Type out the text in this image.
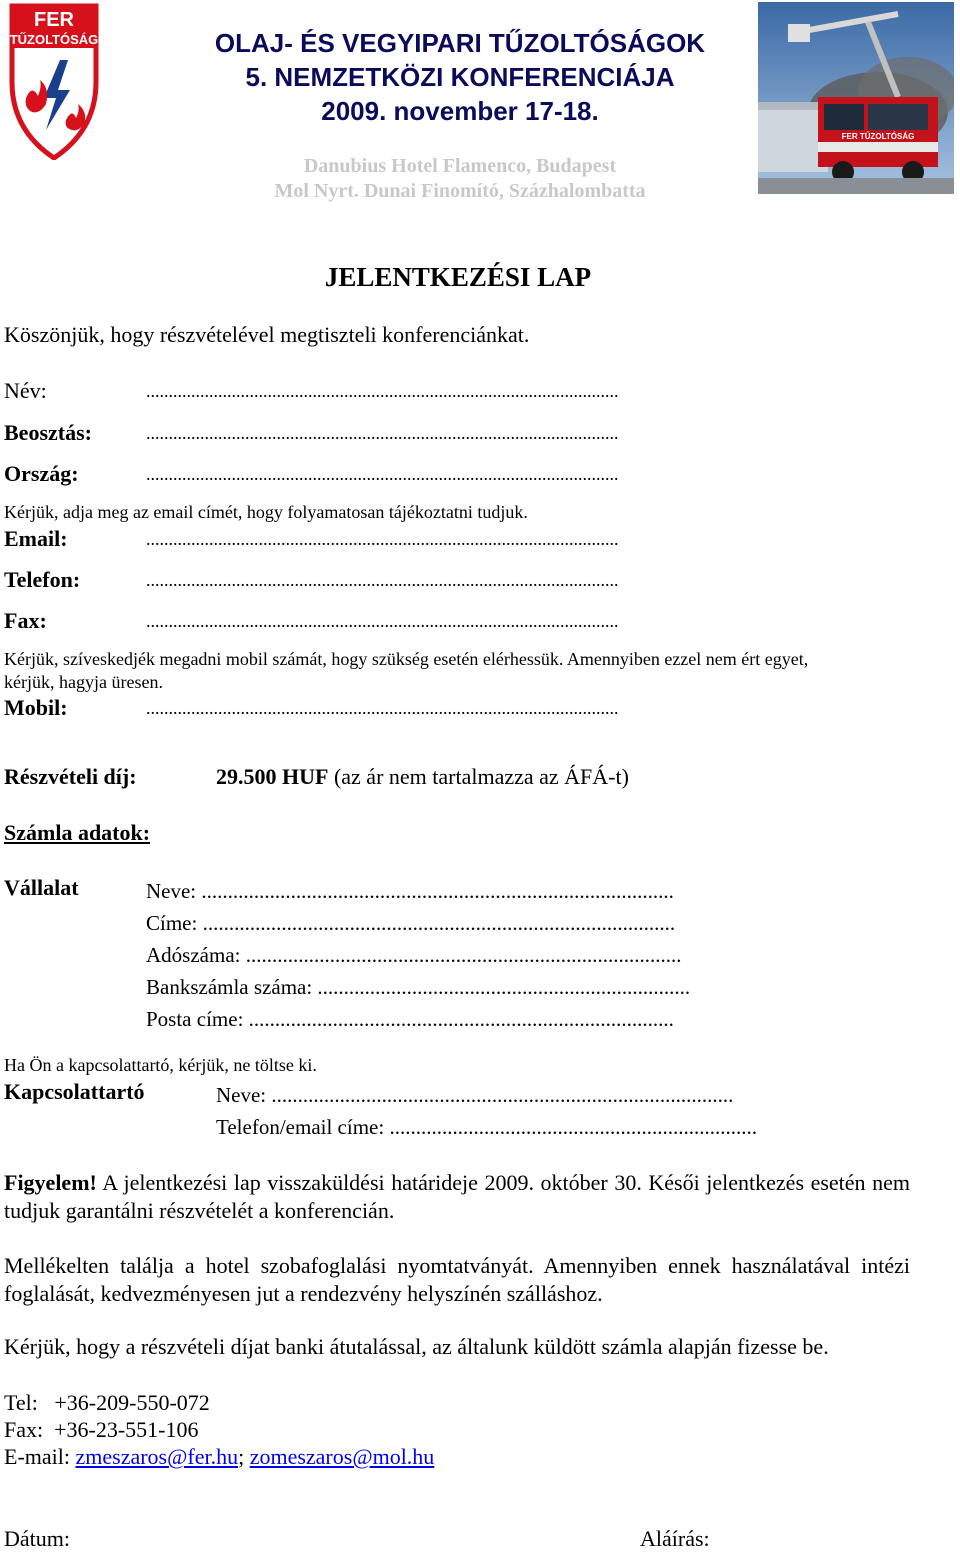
FER
TŰZOLTÓSÁG	OLAJ- ÉS VEGYIPARI TŰZOLTÓSÁGOK
5. NEMZETKÖZI KONFERENCIÁJA
2009. november 17-18.
Danubius Hotel Flamenco, Budapest
Mol Nyrt. Dunai Finomító, Százhalombatta
FER TŰZOLTÓSÁG
JELENTKEZÉSI LAP
Köszönjük, hogy részvételével megtiszteli konferenciánkat.
Név:	.........................................................................................................
Beosztás:	.........................................................................................................
Ország:	.........................................................................................................
Kérjük, adja meg az email címét, hogy folyamatosan tájékoztatni tudjuk.
Email:	.........................................................................................................
Telefon:	.........................................................................................................
Fax:	.........................................................................................................
Kérjük, szíveskedjék megadni mobil számát, hogy szükség esetén elérhessük. Amennyiben ezzel nem ért egyet,
kérjük, hagyja üresen.
Mobil:	.........................................................................................................
Részvételi díj:	29.500 HUF (az ár nem tartalmazza az ÁFÁ-t)
Számla adatok:
Vállalat	Neve: ..........................................................................................
Címe: ..........................................................................................
Adószáma: ...................................................................................
Bankszámla száma: .......................................................................
Posta címe: .................................................................................
Ha Ön a kapcsolattartó, kérjük, ne töltse ki.
Kapcsolattartó	Neve: ........................................................................................
Telefon/email címe: ......................................................................
Figyelem! A jelentkezési lap visszaküldési határideje 2009. október 30. Késői jelentkezés esetén nem tudjuk garantálni részvételét a konferencián.
Mellékelten találja a hotel szobafoglalási nyomtatványát. Amennyiben ennek használatával intézi foglalását, kedvezményesen jut a rendezvény helyszínén szálláshoz.
Kérjük, hogy a részvételi díjat banki átutalással, az általunk küldött számla alapján fizesse be.
Tel:   +36-209-550-072
Fax:  +36-23-551-106
E-mail: zmeszaros@fer.hu; zomeszaros@mol.hu
Dátum:	Aláírás:
